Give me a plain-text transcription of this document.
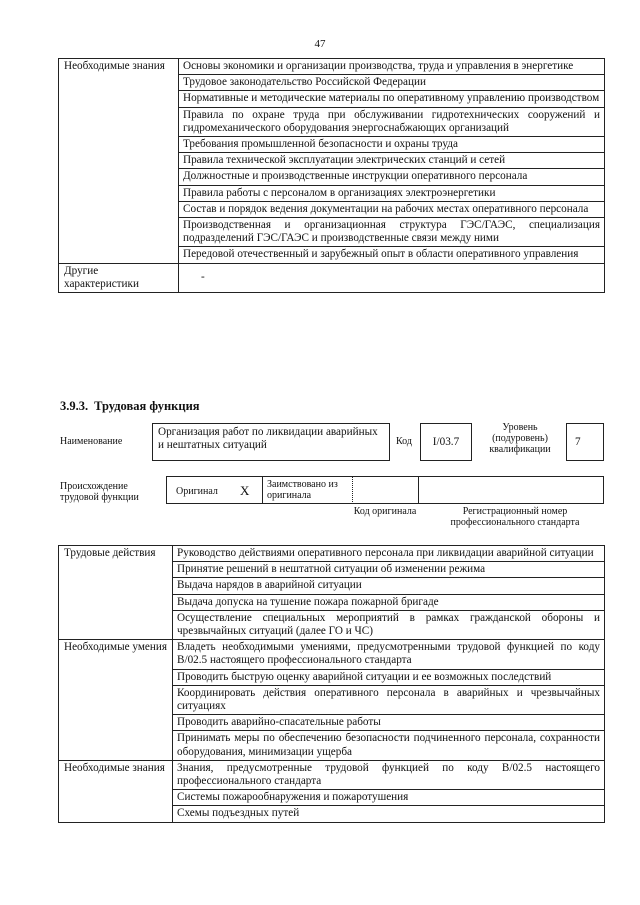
47
Необходимые знания	Основы экономики и организации производства, труда и управления в энергетике
	Трудовое законодательство Российской Федерации
	Нормативные и методические материалы по оперативному управлению производством
	Правила по охране труда при обслуживании гидротехнических сооружений и гидромеханического оборудования энергоснабжающих организаций
	Требования промышленной безопасности и охраны труда
	Правила технической эксплуатации электрических станций и сетей
	Должностные и производственные инструкции оперативного персонала
	Правила работы с персоналом в организациях электроэнергетики
	Состав и порядок ведения документации на рабочих местах оперативного персонала
	Производственная и организационная структура ГЭС/ГАЭС, специализация подразделений ГЭС/ГАЭС и производственные связи между ними
	Передовой отечественный и зарубежный опыт в области оперативного управления
Другие характеристики	-
3.9.3. Трудовая функция
Наименование
Организация работ по ликвидации аварийных и нештатных ситуаций	Код	I/03.7
Уровень (подуровень) квалификации
7
Происхождение трудовой функции
Оригинал X Заимствовано из оригинала
Код оригинала	Регистрационный номер профессионального стандарта
Трудовые действия	Руководство действиями оперативного персонала при ликвидации аварийной ситуации
	Принятие решений в нештатной ситуации об изменении режима
	Выдача нарядов в аварийной ситуации
	Выдача допуска на тушение пожара пожарной бригаде
	Осуществление специальных мероприятий в рамках гражданской обороны и чрезвычайных ситуаций (далее ГО и ЧС)
Необходимые умения	Владеть необходимыми умениями, предусмотренными трудовой функцией по коду B/02.5 настоящего профессионального стандарта
	Проводить быструю оценку аварийной ситуации и ее возможных последствий
	Координировать действия оперативного персонала в аварийных и чрезвычайных ситуациях
	Проводить аварийно-спасательные работы
	Принимать меры по обеспечению безопасности подчиненного персонала, сохранности оборудования, минимизации ущерба
Необходимые знания	Знания, предусмотренные трудовой функцией по коду B/02.5 настоящего профессионального стандарта
	Системы пожарообнаружения и пожаротушения
	Схемы подъездных путей
